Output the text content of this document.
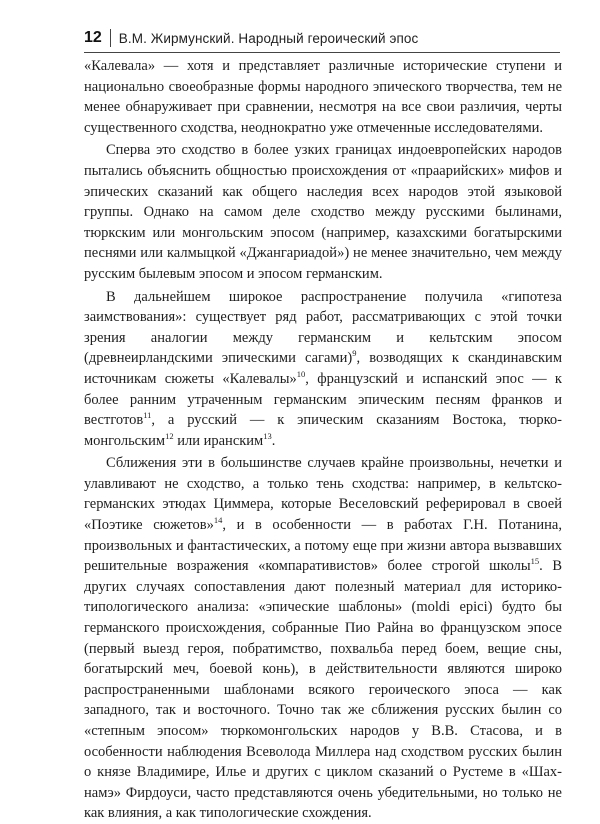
12 В.М. Жирмунский. Народный героический эпос

«Калевала» — хотя и представляет различные исторические ступени и национально своеобразные формы народного эпического творчества, тем не менее обнаруживает при сравнении, несмотря на все свои различия, черты существенного сходства, неоднократно уже отмеченные исследователями.

Сперва это сходство в более узких границах индоевропейских народов пытались объяснить общностью происхождения от «праарийских» мифов и эпических сказаний как общего наследия всех народов этой языковой группы. Однако на самом деле сходство между русскими былинами, тюркским или монгольским эпосом (например, казахскими богатырскими песнями или калмыцкой «Джангариадой») не менее значительно, чем между русским былевым эпосом и эпосом германским.

В дальнейшем широкое распространение получила «гипотеза заимствования»: существует ряд работ, рассматривающих с этой точки зрения аналогии между германским и кельтским эпосом (древнеирландскими эпическими сагами)$^9$, возводящих к скандинавским источникам сюжеты «Калевалы»$^{10}$, французский и испанский эпос — к более ранним утраченным германским эпическим песням франков и вестготов$^{11}$, а русский — к эпическим сказаниям Востока, тюрко-монгольским$^{12}$ или иранским$^{13}$.

Сближения эти в большинстве случаев крайне произвольны, нечетки и улавливают не сходство, а только тень сходства: например, в кельтско-германских этюдах Циммера, которые Веселовский реферировал в своей «Поэтике сюжетов»$^{14}$, и в особенности — в работах Г.Н. Потанина, произвольных и фантастических, а потому еще при жизни автора вызвавших решительные возражения «компаративистов» более строгой школы$^{15}$. В других случаях сопоставления дают полезный материал для историко-типологического анализа: «эпические шаблоны» (moldi epici) будто бы германского происхождения, собранные Пио Райна во французском эпосе (первый выезд героя, побратимство, похвальба перед боем, вещие сны, богатырский меч, боевой конь), в действительности являются широко распространенными шаблонами всякого героического эпоса — как западного, так и восточного. Точно так же сближения русских былин со «степным эпосом» тюркомонгольских народов у В.В. Стасова, и в особенности наблюдения Всеволода Миллера над сходством русских былин о князе Владимире, Илье и других с циклом сказаний о Рустеме в «Шах-намэ» Фирдоуси, часто представляются очень убедительными, но только не как влияния, а как типологические схождения.
